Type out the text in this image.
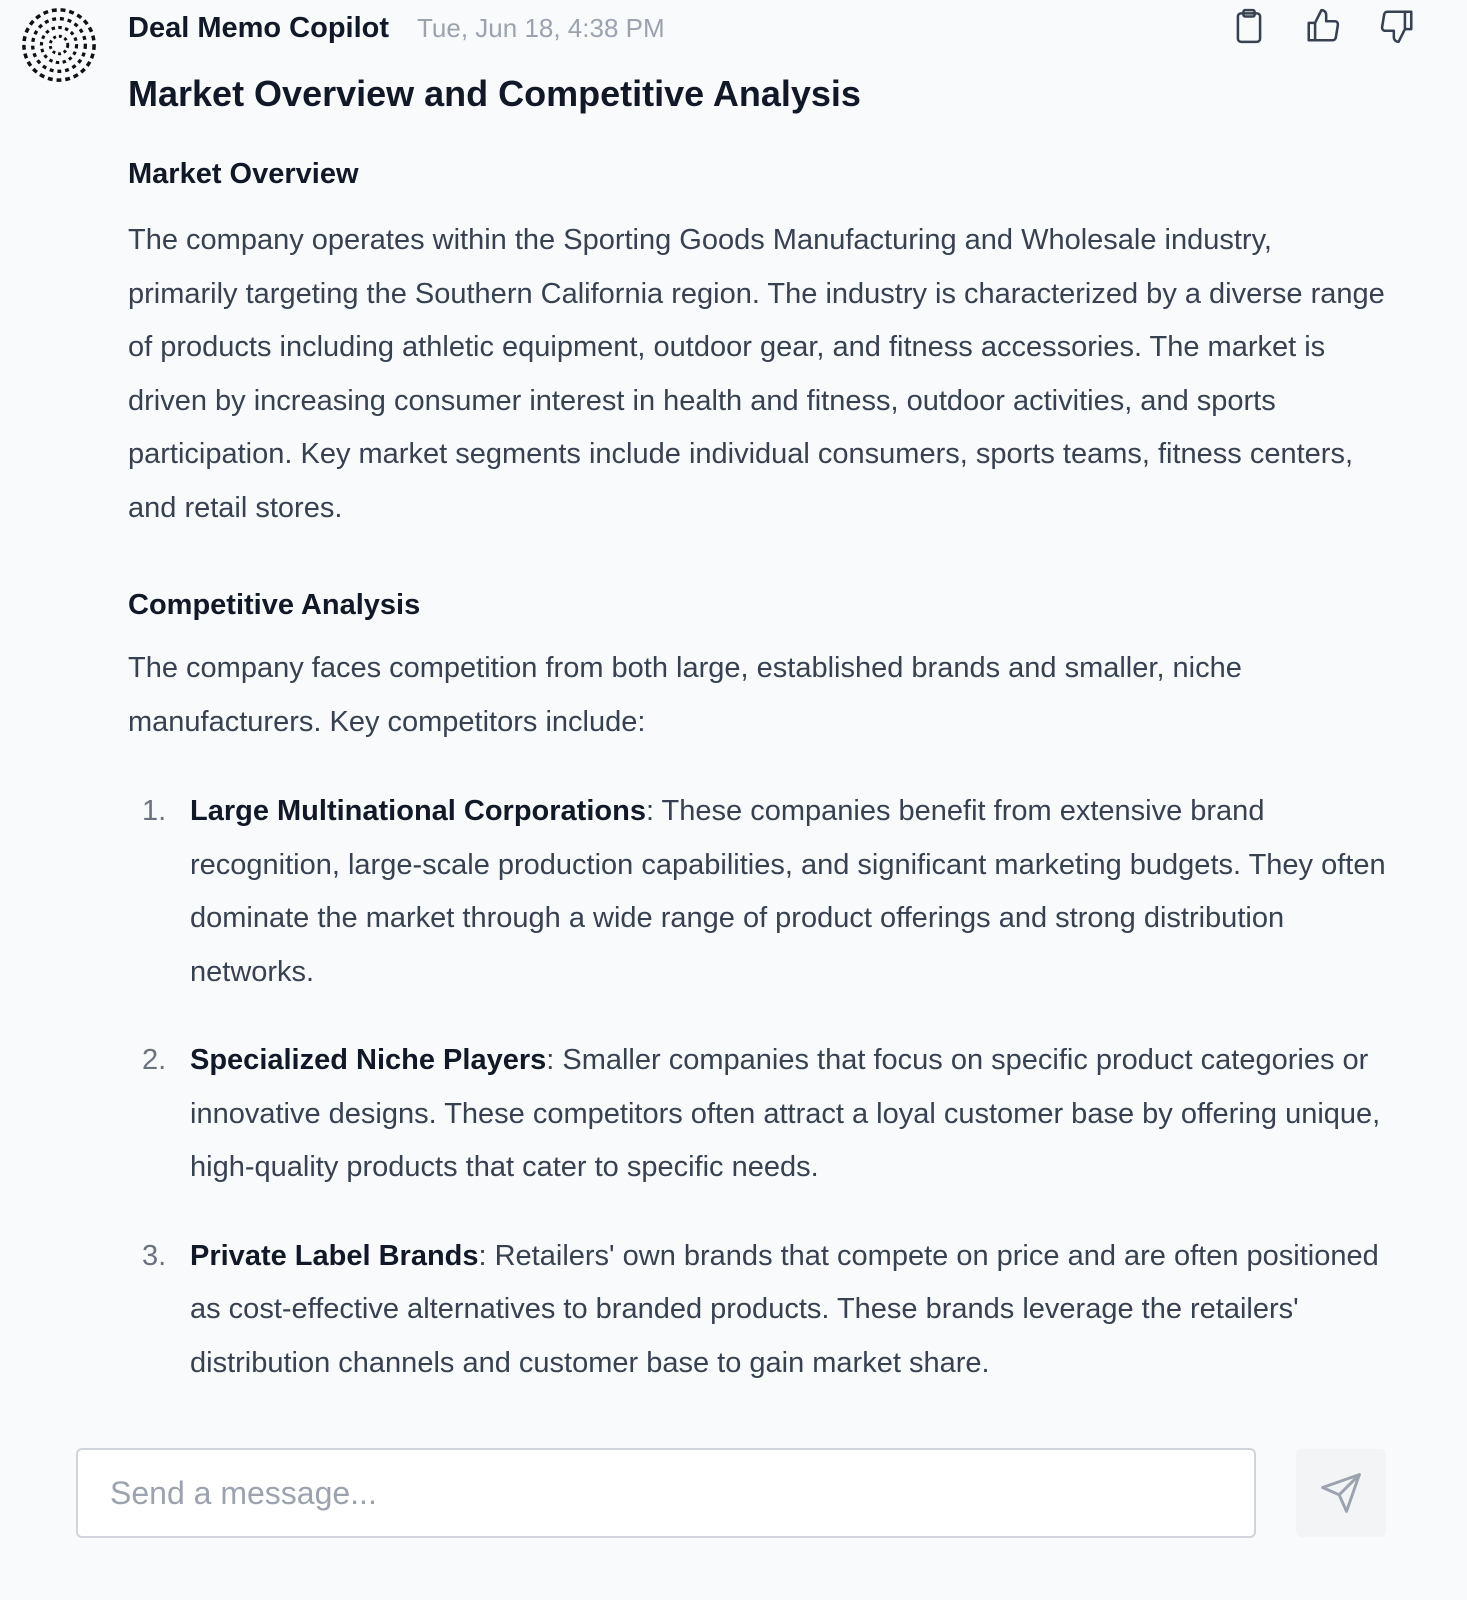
Deal Memo Copilot Tue, Jun 18, 4:38 PM
Market Overview and Competitive Analysis
Market Overview

The company operates within the Sporting Goods Manufacturing and Wholesale industry, primarily targeting the Southern California region. The industry is characterized by a diverse range of products including athletic equipment, outdoor gear, and fitness accessories. The market is driven by increasing consumer interest in health and fitness, outdoor activities, and sports participation. Key market segments include individual consumers, sports teams, fitness centers, and retail stores.

Competitive Analysis

The company faces competition from both large, established brands and smaller, niche manufacturers. Key competitors include:

1. Large Multinational Corporations: These companies benefit from extensive brand recognition, large-scale production capabilities, and significant marketing budgets. They often dominate the market through a wide range of product offerings and strong distribution networks.
2. Specialized Niche Players: Smaller companies that focus on specific product categories or innovative designs. These competitors often attract a loyal customer base by offering unique, high-quality products that cater to specific needs.
3. Private Label Brands: Retailers' own brands that compete on price and are often positioned as cost-effective alternatives to branded products. These brands leverage the retailers' distribution channels and customer base to gain market share.
Send a message...
